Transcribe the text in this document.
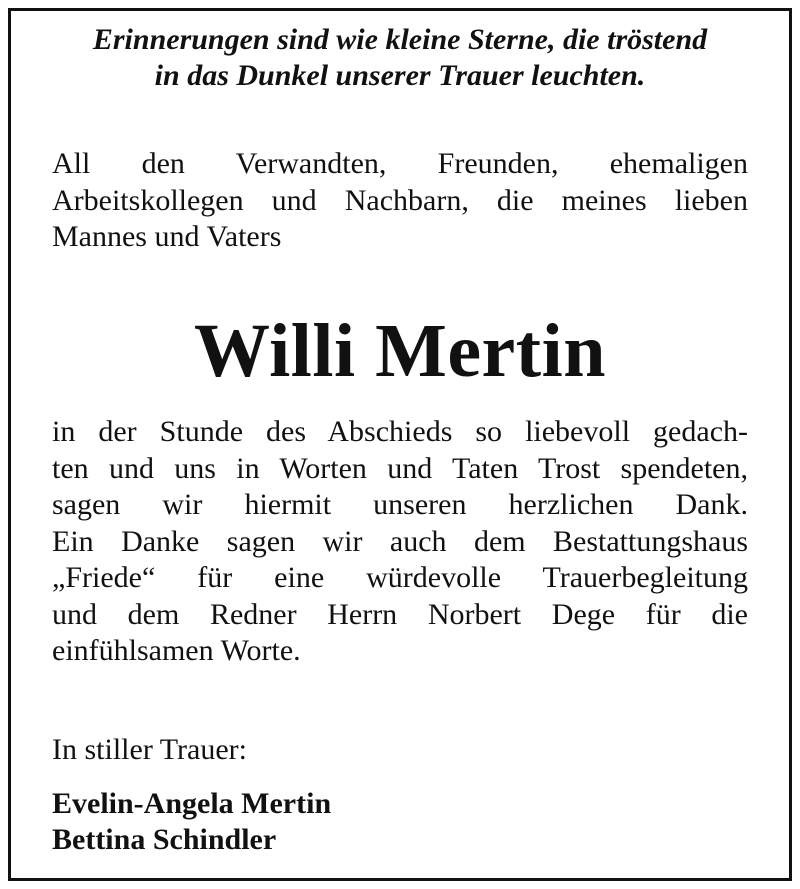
Erinnerungen sind wie kleine Sterne, die tröstend
in das Dunkel unserer Trauer leuchten.

All den Verwandten, Freunden, ehemaligen
Arbeitskollegen und Nachbarn, die meines lieben
Mannes und Vaters

Willi Mertin

in der Stunde des Abschieds so liebevoll gedach-
ten und uns in Worten und Taten Trost spendeten,
sagen wir hiermit unseren herzlichen Dank.
Ein Danke sagen wir auch dem Bestattungshaus
„Friede“ für eine würdevolle Trauerbegleitung
und dem Redner Herrn Norbert Dege für die
einfühlsamen Worte.

In stiller Trauer:

Evelin-Angela Mertin
Bettina Schindler
